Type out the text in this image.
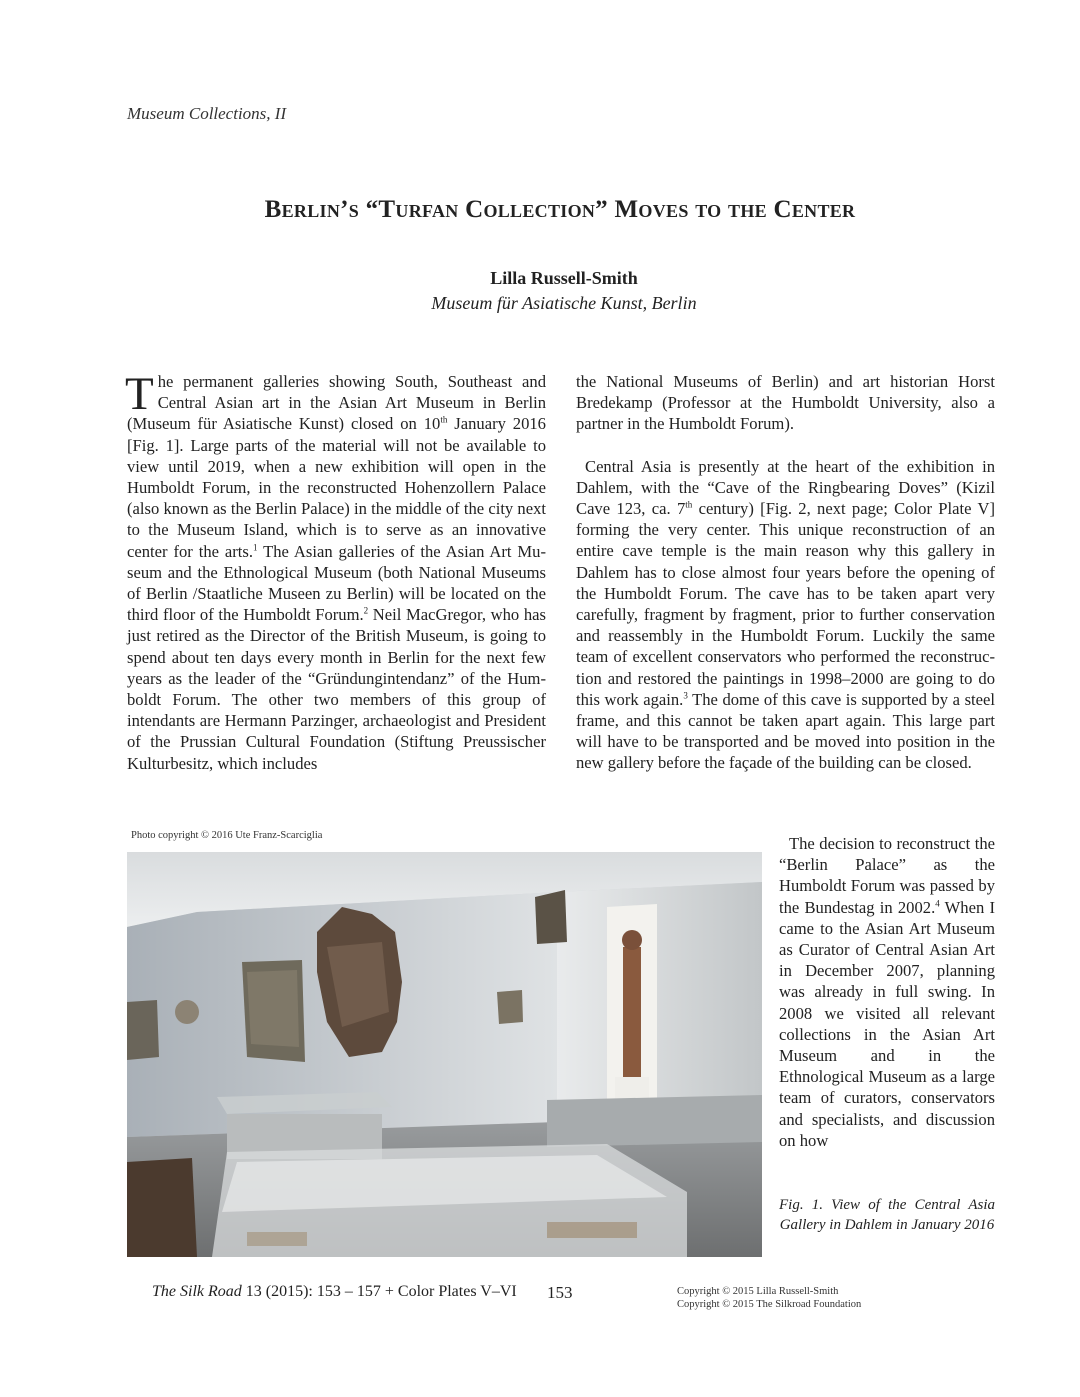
Museum Collections, II
Berlin’s “Turfan Collection” Moves to the Center
Lilla Russell-Smith
Museum für Asiatische Kunst, Berlin

The permanent galleries showing South, Southeast and Central Asian art in the Asian Art Museum in Berlin (Museum für Asiatische Kunst) closed on 10th January 2016 [Fig. 1]. Large parts of the material will not be available to view until 2019, when a new exhibition will open in the Humboldt Forum, in the reconstructed Hohenzollern Palace (also known as the Berlin Palace) in the middle of the city next to the Museum Island, which is to serve as an innovative center for the arts.$^1$ The Asian galleries of the Asian Art Museum and the Ethnological Museum (both National Museums of Berlin /Staatliche Museen zu Berlin) will be located on the third floor of the Humboldt Forum.$^2$ Neil MacGregor, who has just retired as the Director of the British Museum, is going to spend about ten days every month in Berlin for the next few years as the leader of the “Gründungintendanz” of the Humboldt Forum. The other two members of this group of intendants are Hermann Parzinger, archaeologist and President of the Prussian Cultural Foundation (Stiftung Preussischer Kulturbesitz, which includes

the National Museums of Berlin) and art historian Horst Bredekamp (Professor at the Humboldt University, also a partner in the Humboldt Forum).

Central Asia is presently at the heart of the exhibition in Dahlem, with the “Cave of the Ringbearing Doves” (Kizil Cave 123, ca. 7th century) [Fig. 2, next page; Color Plate V] forming the very center. This unique reconstruction of an entire cave temple is the main reason why this gallery in Dahlem has to close almost four years before the opening of the Humboldt Forum. The cave has to be taken apart very carefully, fragment by fragment, prior to further conservation and reassembly in the Humboldt Forum. Luckily the same team of excellent conservators who performed the reconstruction and restored the paintings in 1998–2000 are going to do this work again.$^3$ The dome of this cave is supported by a steel frame, and this cannot be taken apart again. This large part will have to be transported and be moved into position in the new gallery before the façade of the building can be closed.

The decision to reconstruct the “Berlin Palace” as the Humboldt Forum was passed by the Bundestag in 2002.$^4$ When I came to the Asian Art Museum as Curator of Central Asian Art in December 2007, planning was already in full swing. In 2008 we visited all relevant collections in the Asian Art Museum and in the Ethnological Museum as a large team of curators, conservators and specialists, and discussion on how

Photo copyright © 2016 Ute Franz-Scarciglia
Fig. 1. View of the Central Asia Gallery in Dahlem in January 2016
The Silk Road 13 (2015): 153 – 157 + Color Plates V–VI 153	Copyright © 2015 Lilla Russell-Smith
Copyright © 2015 The Silkroad Foundation
